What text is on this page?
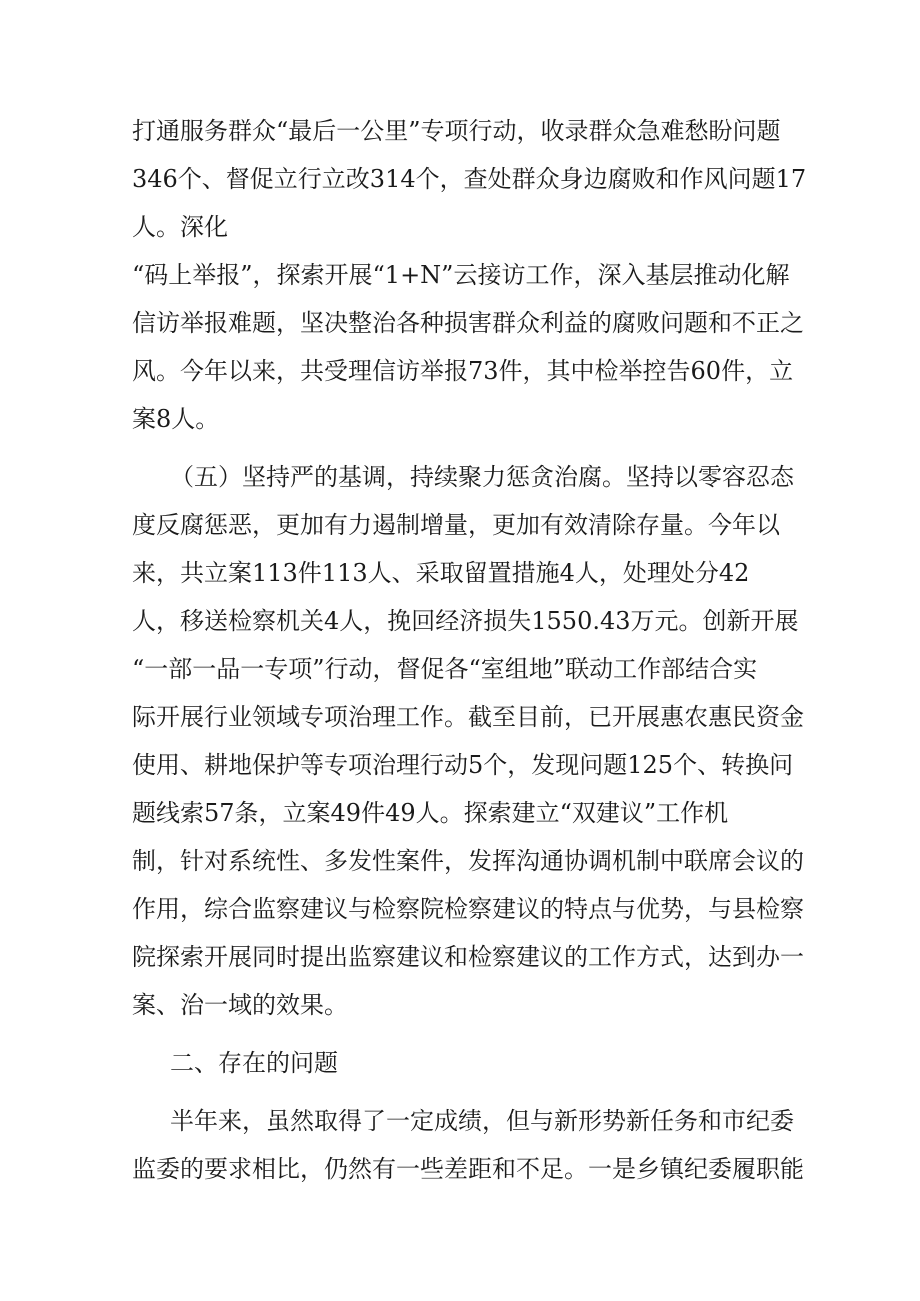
打通服务群众“最后一公里”专项行动，收录群众急难愁盼问题
346个、督促立行立改314个，查处群众身边腐败和作风问题17
人。深化
“码上举报”，探索开展“1+N”云接访工作，深入基层推动化解
信访举报难题，坚决整治各种损害群众利益的腐败问题和不正之
风。今年以来，共受理信访举报73件，其中检举控告60件，立
案8人。
（五）坚持严的基调，持续聚力惩贪治腐。坚持以零容忍态
度反腐惩恶，更加有力遏制增量，更加有效清除存量。今年以
来，共立案113件113人、采取留置措施4人，处理处分42
人，移送检察机关4人，挽回经济损失1550.43万元。创新开展
“一部一品一专项”行动，督促各“室组地”联动工作部结合实
际开展行业领域专项治理工作。截至目前，已开展惠农惠民资金
使用、耕地保护等专项治理行动5个，发现问题125个、转换问
题线索57条，立案49件49人。探索建立“双建议”工作机
制，针对系统性、多发性案件，发挥沟通协调机制中联席会议的
作用，综合监察建议与检察院检察建议的特点与优势，与县检察
院探索开展同时提出监察建议和检察建议的工作方式，达到办一
案、治一域的效果。
二、存在的问题
半年来，虽然取得了一定成绩，但与新形势新任务和市纪委
监委的要求相比，仍然有一些差距和不足。一是乡镇纪委履职能
